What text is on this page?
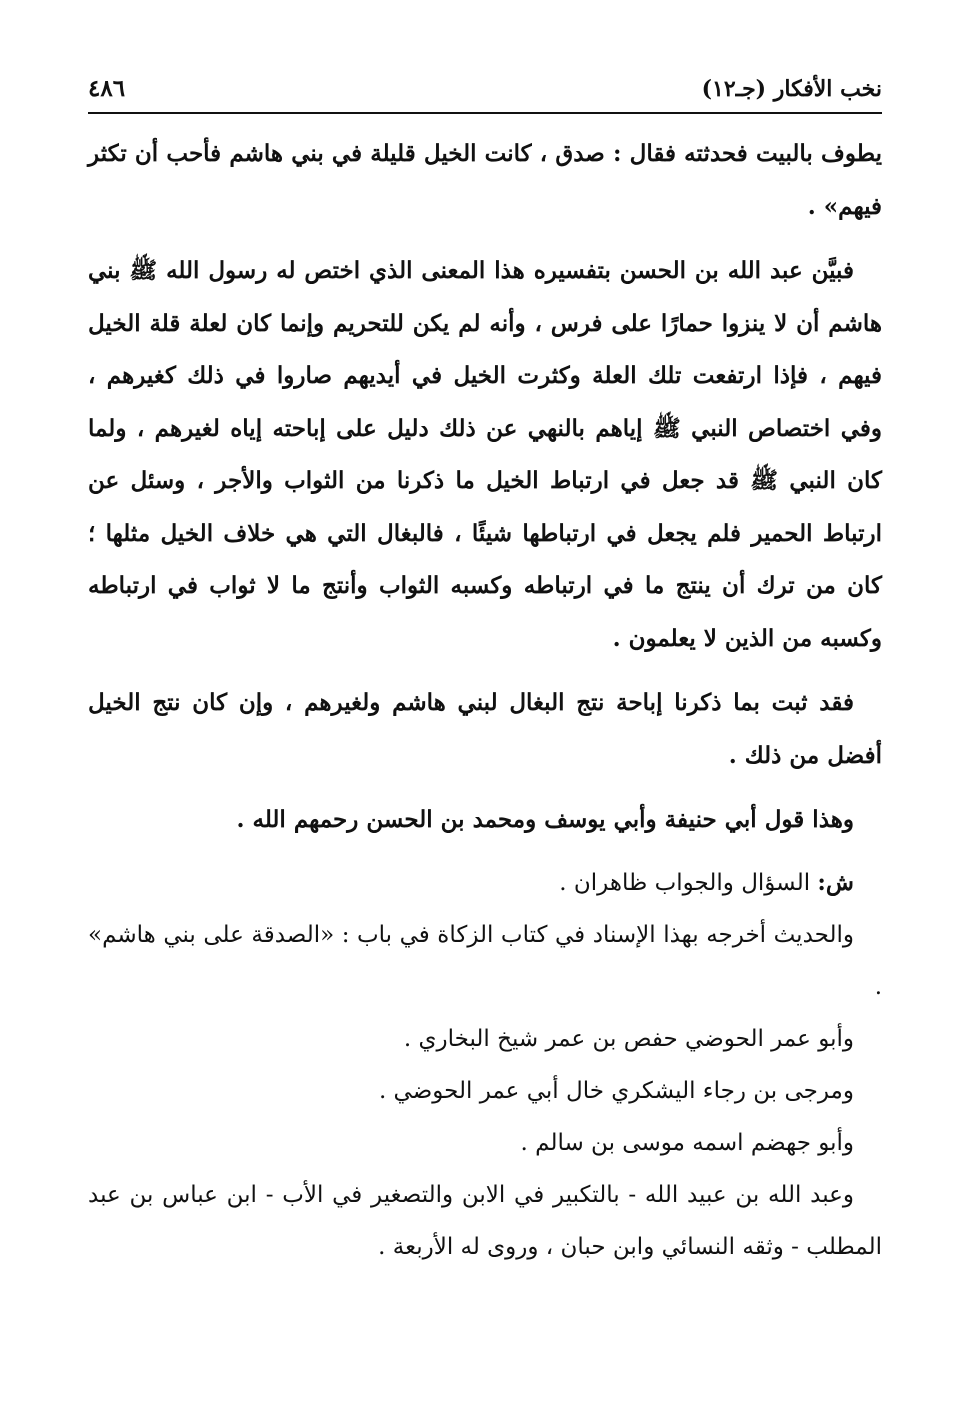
نخب الأفكار (جـ١٢)
٤٨٦

يطوف بالبيت فحدثته فقال : صدق ، كانت الخيل قليلة في بني هاشم فأحب أن تكثر فيهم» .

فبيَّن عبد الله بن الحسن بتفسيره هذا المعنى الذي اختص له رسول الله ﷺ بني هاشم أن لا ينزوا حمارًا على فرس ، وأنه لم يكن للتحريم وإنما كان لعلة قلة الخيل فيهم ، فإذا ارتفعت تلك العلة وكثرت الخيل في أيديهم صاروا في ذلك كغيرهم ، وفي اختصاص النبي ﷺ إياهم بالنهي عن ذلك دليل على إباحته إياه لغيرهم ، ولما كان النبي ﷺ قد جعل في ارتباط الخيل ما ذكرنا من الثواب والأجر ، وسئل عن ارتباط الحمير فلم يجعل في ارتباطها شيئًا ، فالبغال التي هي خلاف الخيل مثلها ؛ كان من ترك أن ينتج ما في ارتباطه وكسبه الثواب وأنتج ما لا ثواب في ارتباطه وكسبه من الذين لا يعلمون .

فقد ثبت بما ذكرنا إباحة نتج البغال لبني هاشم ولغيرهم ، وإن كان نتج الخيل أفضل من ذلك .

وهذا قول أبي حنيفة وأبي يوسف ومحمد بن الحسن رحمهم الله .

ش: السؤال والجواب ظاهران .

والحديث أخرجه بهذا الإسناد في كتاب الزكاة في باب : «الصدقة على بني هاشم» .

وأبو عمر الحوضي حفص بن عمر شيخ البخاري .

ومرجى بن رجاء اليشكري خال أبي عمر الحوضي .

وأبو جهضم اسمه موسى بن سالم .

وعبد الله بن عبيد الله - بالتكبير في الابن والتصغير في الأب - ابن عباس بن عبد المطلب - وثقه النسائي وابن حبان ، وروى له الأربعة .
